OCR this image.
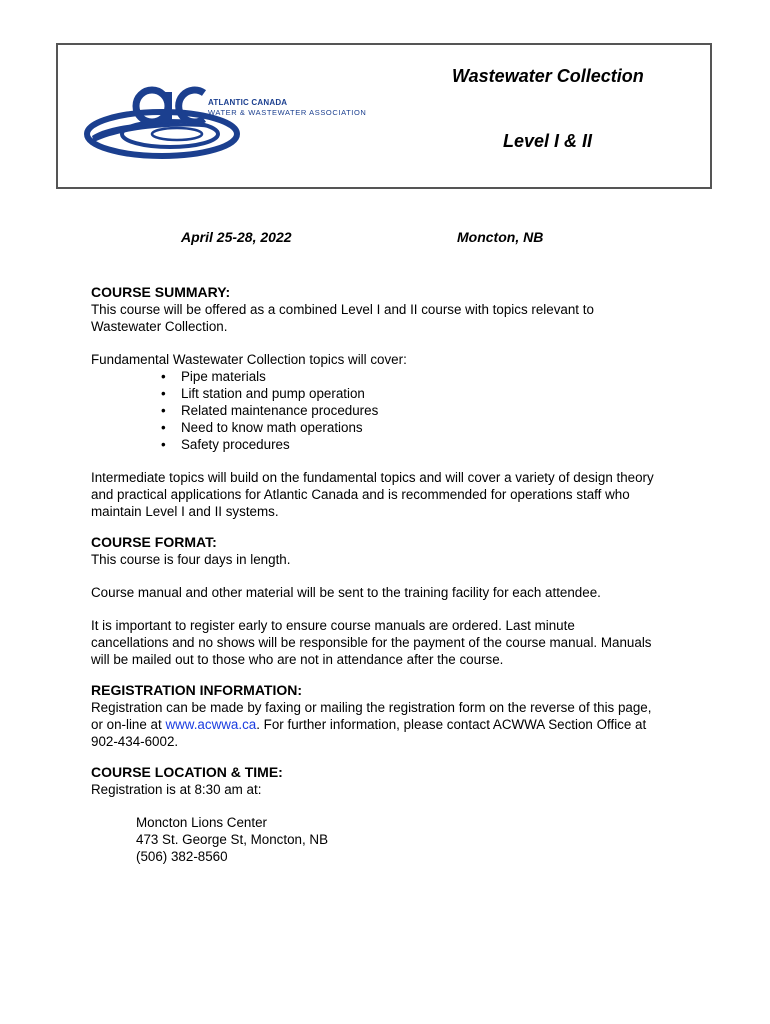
ATLANTIC CANADA
WATER & WASTEWATER ASSOCIATION
Wastewater Collection
Level I & II
April 25-28, 2022	Moncton, NB
COURSE SUMMARY:

This course will be offered as a combined Level I and II course with topics relevant to

Wastewater Collection.

Fundamental Wastewater Collection topics will cover:

• Pipe materials
• Lift station and pump operation
• Related maintenance procedures
• Need to know math operations
• Safety procedures

Intermediate topics will build on the fundamental topics and will cover a variety of design theory

and practical applications for Atlantic Canada and is recommended for operations staff who

maintain Level I and II systems.

COURSE FORMAT:

This course is four days in length.

Course manual and other material will be sent to the training facility for each attendee.

It is important to register early to ensure course manuals are ordered. Last minute

cancellations and no shows will be responsible for the payment of the course manual. Manuals

will be mailed out to those who are not in attendance after the course.

REGISTRATION INFORMATION:

Registration can be made by faxing or mailing the registration form on the reverse of this page,

or on-line at www.acwwa.ca. For further information, please contact ACWWA Section Office at

902-434-6002.

COURSE LOCATION & TIME:

Registration is at 8:30 am at:

Moncton Lions Center

473 St. George St, Moncton, NB

(506) 382-8560
